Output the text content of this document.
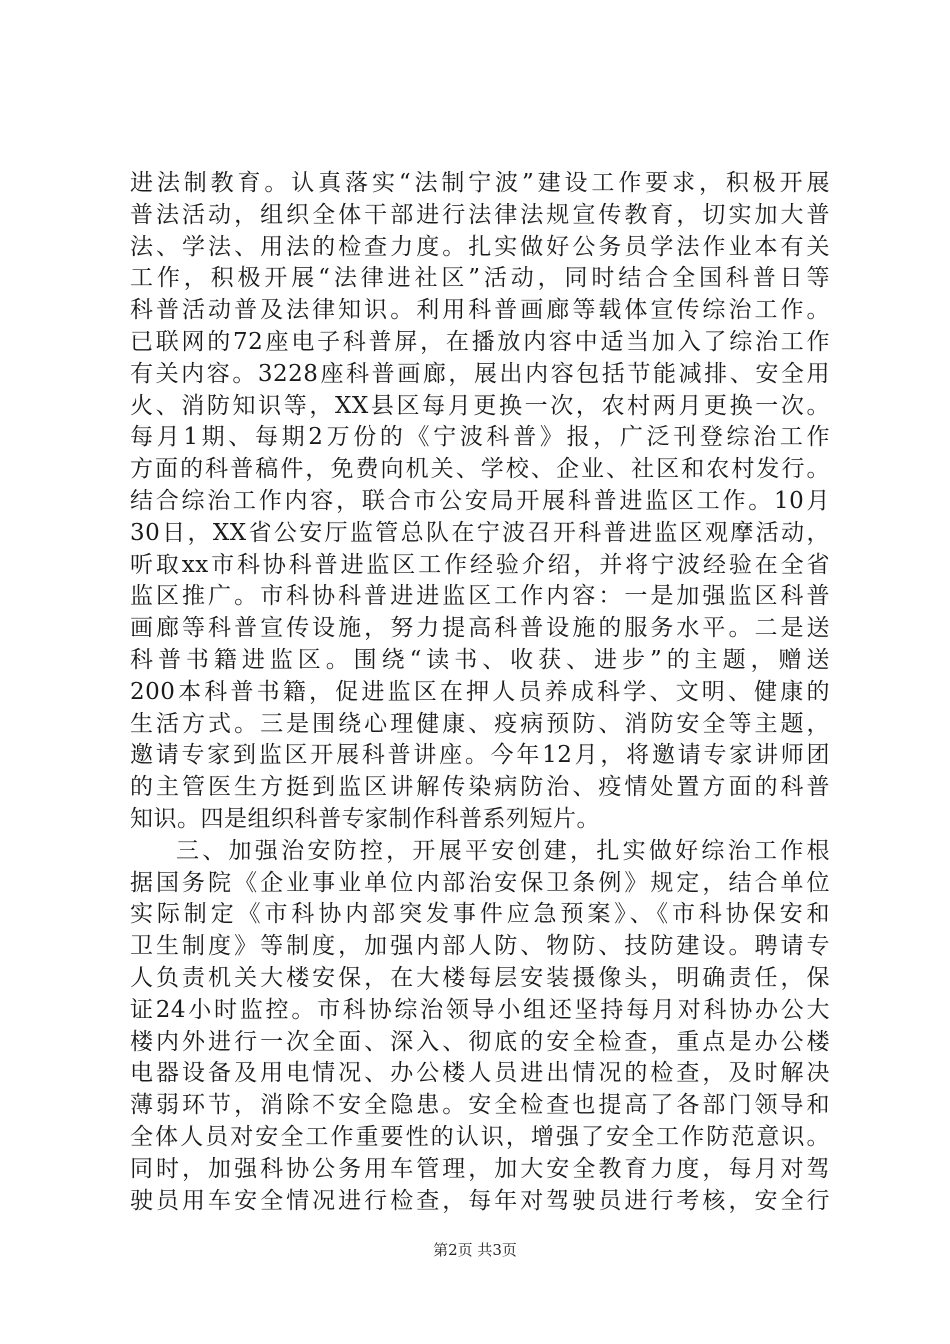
进法制教育。认真落实“法制宁波”建设工作要求，积极开展
普法活动，组织全体干部进行法律法规宣传教育，切实加大普
法、学法、用法的检查力度。扎实做好公务员学法作业本有关
工作，积极开展“法律进社区”活动，同时结合全国科普日等
科普活动普及法律知识。利用科普画廊等载体宣传综治工作。
已联网的72座电子科普屏，在播放内容中适当加入了综治工作
有关内容。3228座科普画廊，展出内容包括节能减排、安全用
火、消防知识等，XX县区每月更换一次，农村两月更换一次。
每月1期、每期2万份的《宁波科普》报，广泛刊登综治工作
方面的科普稿件，免费向机关、学校、企业、社区和农村发行。
结合综治工作内容，联合市公安局开展科普进监区工作。10月
30日，XX省公安厅监管总队在宁波召开科普进监区观摩活动，
听取xx市科协科普进监区工作经验介绍，并将宁波经验在全省
监区推广。市科协科普进进监区工作内容：一是加强监区科普
画廊等科普宣传设施，努力提高科普设施的服务水平。二是送
科普书籍进监区。围绕“读书、收获、进步”的主题，赠送
200本科普书籍，促进监区在押人员养成科学、文明、健康的
生活方式。三是围绕心理健康、疫病预防、消防安全等主题，
邀请专家到监区开展科普讲座。今年12月，将邀请专家讲师团
的主管医生方挺到监区讲解传染病防治、疫情处置方面的科普
知识。四是组织科普专家制作科普系列短片。
三、加强治安防控，开展平安创建，扎实做好综治工作根
据国务院《企业事业单位内部治安保卫条例》规定，结合单位
实际制定《市科协内部突发事件应急预案》、《市科协保安和
卫生制度》等制度，加强内部人防、物防、技防建设。聘请专
人负责机关大楼安保，在大楼每层安装摄像头，明确责任，保
证24小时监控。市科协综治领导小组还坚持每月对科协办公大
楼内外进行一次全面、深入、彻底的安全检查，重点是办公楼
电器设备及用电情况、办公楼人员进出情况的检查，及时解决
薄弱环节，消除不安全隐患。安全检查也提高了各部门领导和
全体人员对安全工作重要性的认识，增强了安全工作防范意识。
同时，加强科协公务用车管理，加大安全教育力度，每月对驾
驶员用车安全情况进行检查，每年对驾驶员进行考核，安全行
第2页 共3页
